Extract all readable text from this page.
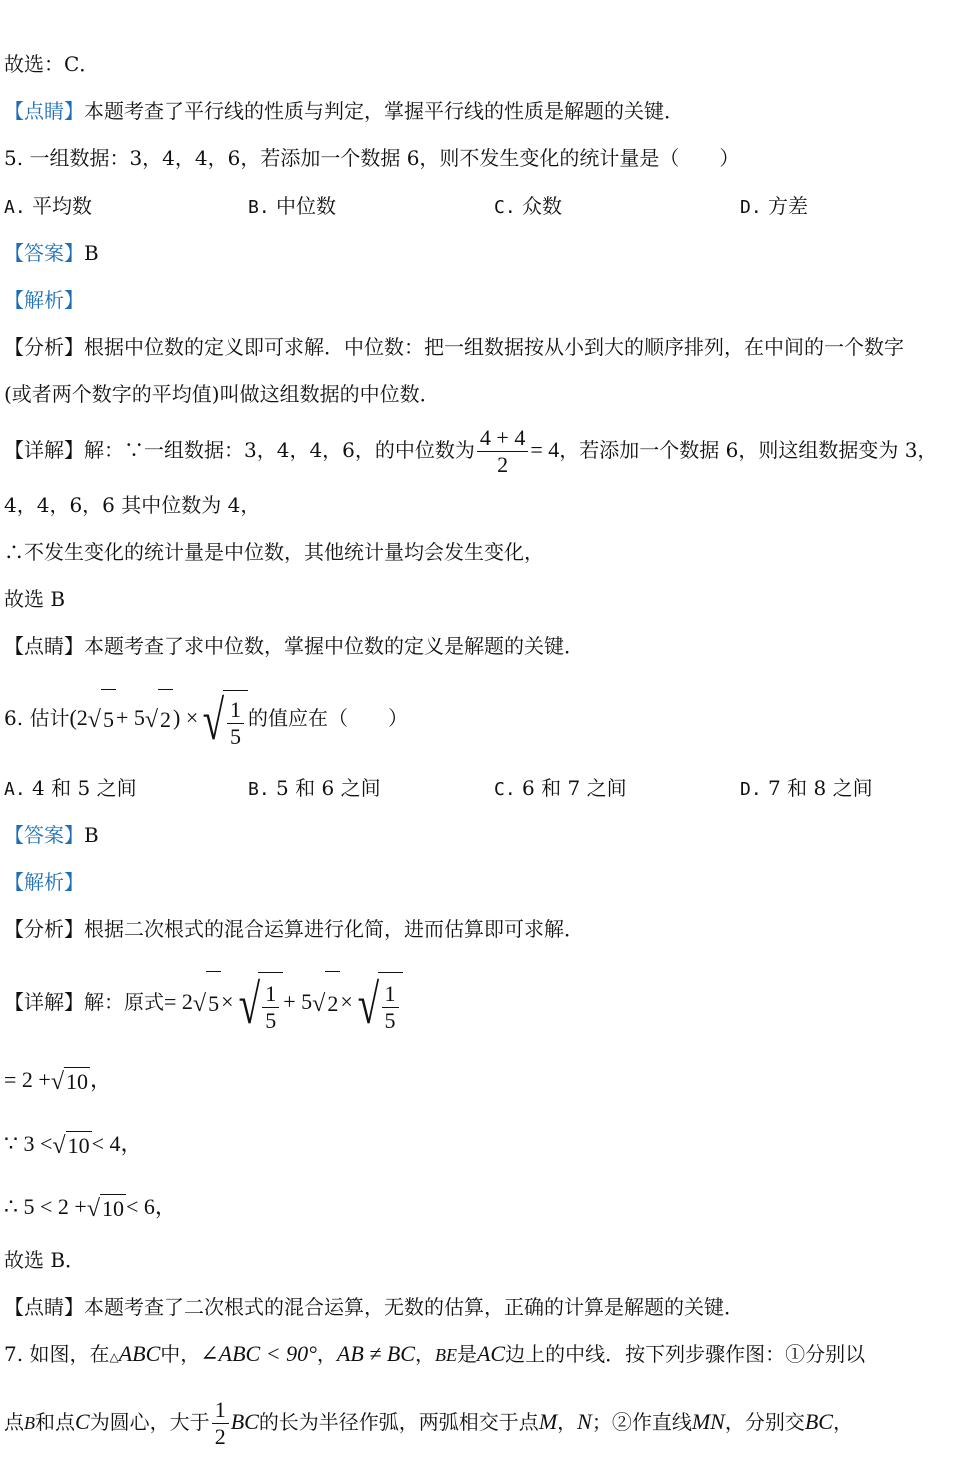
故选：C．
【点睛】本题考查了平行线的性质与判定，掌握平行线的性质是解题的关键．
5. 一组数据：3，4，4，6，若添加一个数据 6，则不发生变化的统计量是（　　）
A. 平均数	B. 中位数	C. 众数	D. 方差
【答案】B
【解析】
【分析】根据中位数的定义即可求解．中位数：把一组数据按从小到大的顺序排列，在中间的一个数字
(或者两个数字的平均值)叫做这组数据的中位数．
【详解】解：∵一组数据：3，4，4，6，的中位数为 $\frac{4 + 4}{2} = 4$，若添加一个数据 6，则这组数据变为 3，
4，4，6，6 其中位数为 4，
∴不发生变化的统计量是中位数，其他统计量均会发生变化，
故选 B
【点睛】本题考查了求中位数，掌握中位数的定义是解题的关键．
6. 估计(2√5+ 5√2) ×√ $\frac{1}{5}$ 的值应在（　　）
A. 4 和 5 之间	B. 5 和 6 之间	C. 6 和 7 之间	D. 7 和 8 之间
【答案】B
【解析】
【分析】根据二次根式的混合运算进行化简，进而估算即可求解．
【详解】解：原式= $2√5\times√ \frac{1}{5} + 5√2\times√ \frac{1}{5}$
= 2 +√10，
∵ 3 <√10< 4，
∴ 5 < 2 +√10< 6，
故选 B．
【点睛】本题考查了二次根式的混合运算，无数的估算，正确的计算是解题的关键．
7. 如图，在△ABC中，∠ABC < 90°，AB ≠ BC，BE是AC边上的中线．按下列步骤作图：①分别以
点B和点C为圆心，大于 $\frac{1}{2}$ BC的长为半径作弧，两弧相交于点M，N；②作直线MN，分别交BC，
